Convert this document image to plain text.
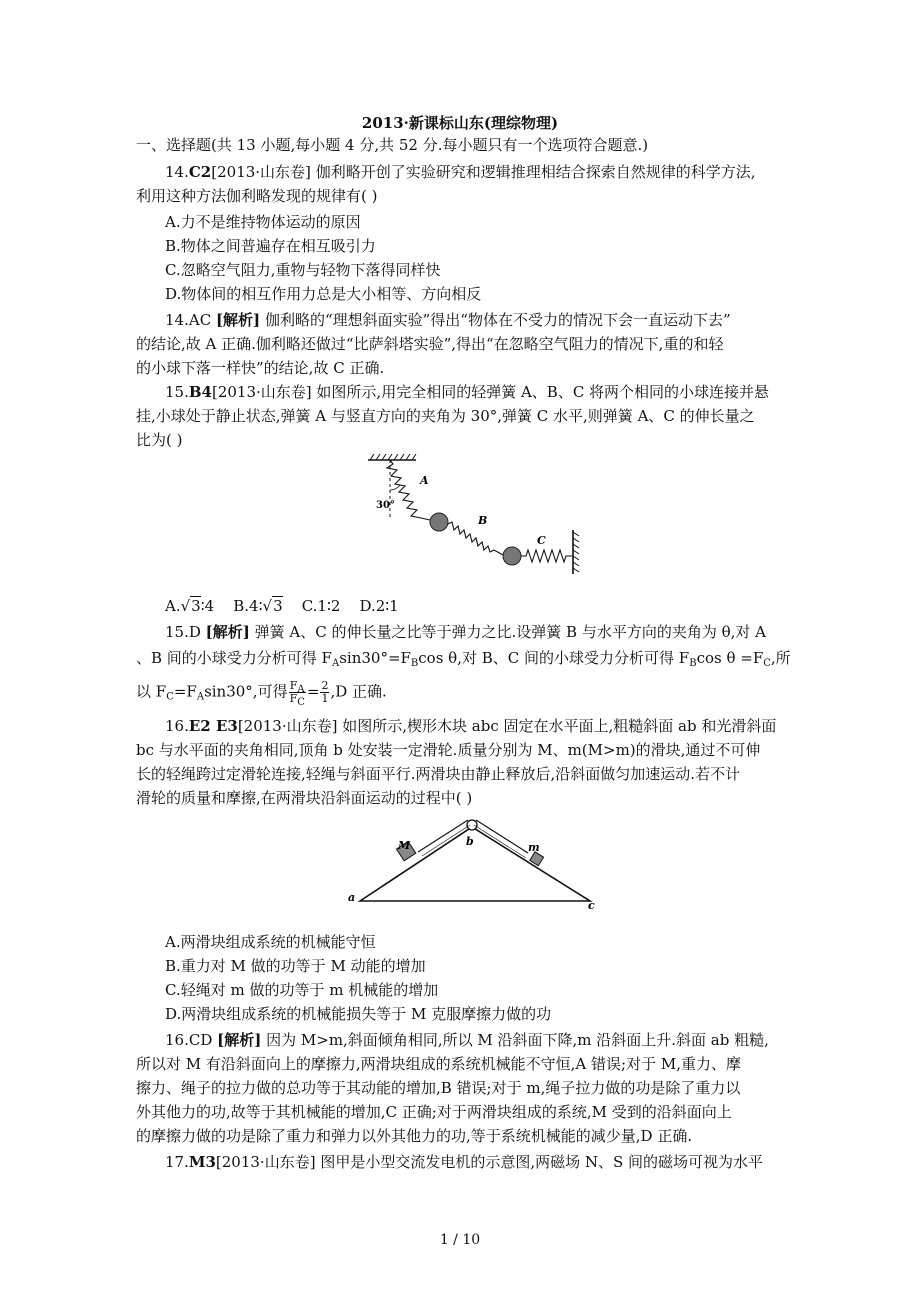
2013·新课标山东(理综物理)
一、选择题(共 13 小题,每小题 4 分,共 52 分.每小题只有一个选项符合题意.)
14.C2[2013·山东卷] 伽利略开创了实验研究和逻辑推理相结合探索自然规律的科学方法,
利用这种方法伽利略发现的规律有( )
A.力不是维持物体运动的原因
B.物体之间普遍存在相互吸引力
C.忽略空气阻力,重物与轻物下落得同样快
D.物体间的相互作用力总是大小相等、方向相反
14.AC [解析] 伽利略的“理想斜面实验”得出“物体在不受力的情况下会一直运动下去”
的结论,故 A 正确.伽利略还做过“比萨斜塔实验”,得出“在忽略空气阻力的情况下,重的和轻
的小球下落一样快”的结论,故 C 正确.
15.B4[2013·山东卷] 如图所示,用完全相同的轻弹簧 A、B、C 将两个相同的小球连接并悬
挂,小球处于静止状态,弹簧 A 与竖直方向的夹角为 30°,弹簧 C 水平,则弹簧 A、C 的伸长量之
比为( )
A
30°
B
C
A.√3∶4 B.4∶√3 C.1∶2 D.2∶1
15.D [解析] 弹簧 A、C 的伸长量之比等于弹力之比.设弹簧 B 与水平方向的夹角为 θ,对 A
、B 间的小球受力分析可得 $F_A\sin 30^\circ=F_B\cos$ θ,对 B、C 间的小球受力分析可得 $F_B\cos$ $\theta =F_C$,所
以 $F_C=F_A\sin 30^\circ$,可得 $\frac{F_A}{F_C} = \frac{2}{1} ,D$ 正确.
16.E2 E3[2013·山东卷] 如图所示,楔形木块 abc 固定在水平面上,粗糙斜面 ab 和光滑斜面
bc 与水平面的夹角相同,顶角 b 处安装一定滑轮.质量分别为 M、m(M>m)的滑块,通过不可伸
长的轻绳跨过定滑轮连接,轻绳与斜面平行.两滑块由静止释放后,沿斜面做匀加速运动.若不计
滑轮的质量和摩擦,在两滑块沿斜面运动的过程中( )
a
b
c
M	m
A.两滑块组成系统的机械能守恒
B.重力对 M 做的功等于 M 动能的增加
C.轻绳对 m 做的功等于 m 机械能的增加
D.两滑块组成系统的机械能损失等于 M 克服摩擦力做的功
16.CD [解析] 因为 M>m,斜面倾角相同,所以 M 沿斜面下降,m 沿斜面上升.斜面 ab 粗糙,
所以对 M 有沿斜面向上的摩擦力,两滑块组成的系统机械能不守恒,A 错误;对于 M,重力、摩
擦力、绳子的拉力做的总功等于其动能的增加,B 错误;对于 m,绳子拉力做的功是除了重力以
外其他力的功,故等于其机械能的增加,C 正确;对于两滑块组成的系统,M 受到的沿斜面向上
的摩擦力做的功是除了重力和弹力以外其他力的功,等于系统机械能的减少量,D 正确.
17.M3[2013·山东卷] 图甲是小型交流发电机的示意图,两磁场 N、S 间的磁场可视为水平
1 / 10
